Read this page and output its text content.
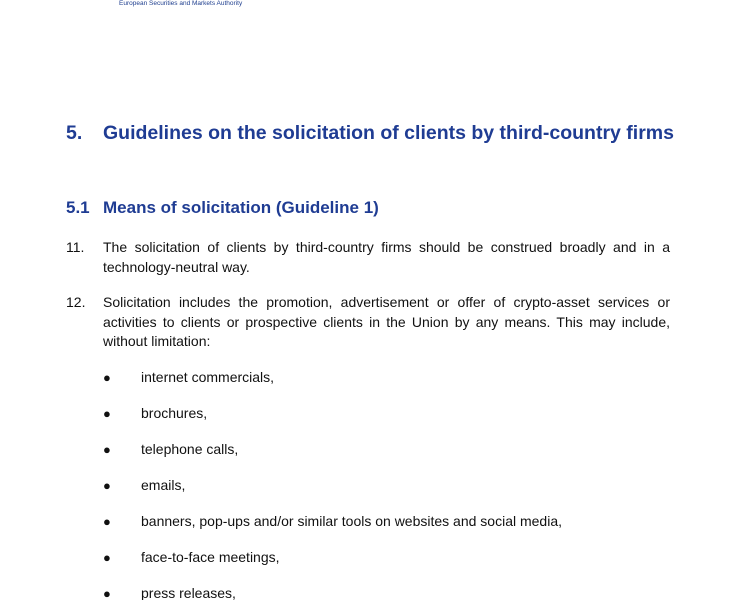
European Securities and Markets Authority
5.	Guidelines on the solicitation of clients by third-country firms
5.1 Means of solicitation (Guideline 1)
11.	The solicitation of clients by third-country firms should be construed broadly and in a technology-neutral way.
12.	Solicitation includes the promotion, advertisement or offer of crypto-asset services or activities to clients or prospective clients in the Union by any means. This may include, without limitation:
●	internet commercials,
●	brochures,
●	telephone calls,
●	emails,
●	banners, pop-ups and/or similar tools on websites and social media,
●	face-to-face meetings,
●	press releases,
